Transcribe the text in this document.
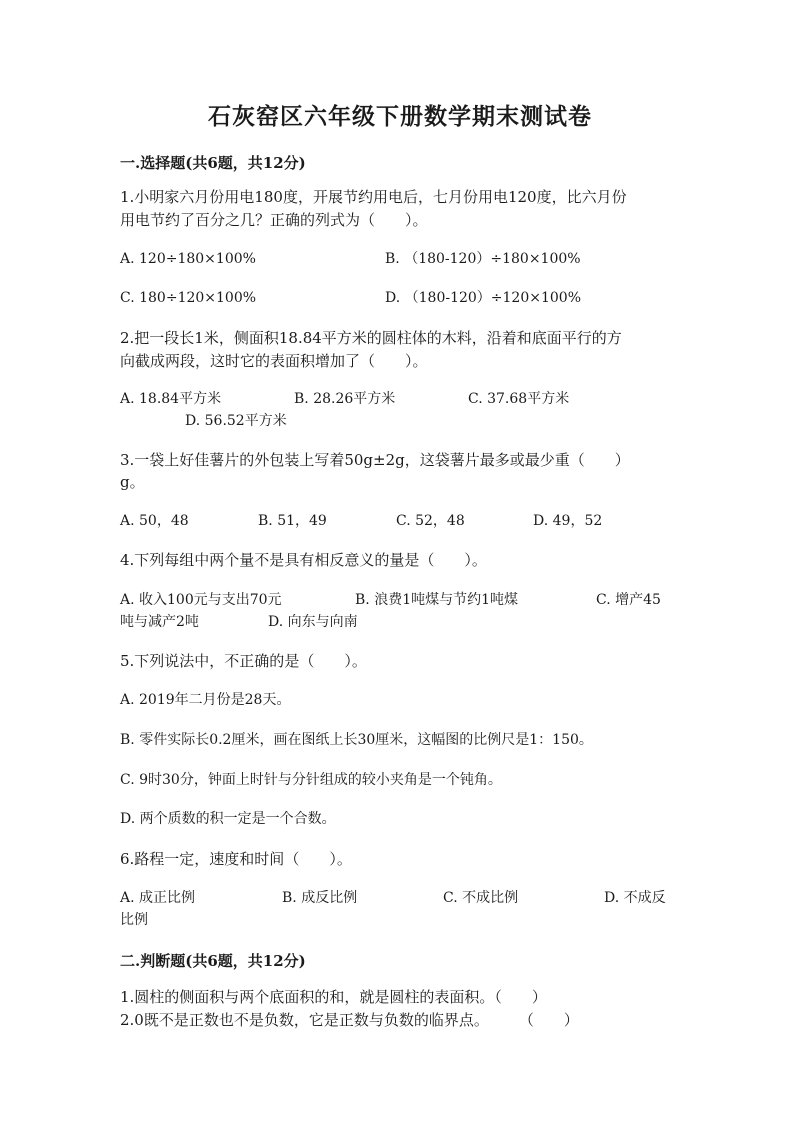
石灰窑区六年级下册数学期末测试卷
一.选择题(共6题，共12分)
1.小明家六月份用电180度，开展节约用电后，七月份用电120度，比六月份
用电节约了百分之几？正确的列式为（　　）。
A. 120÷180×100%	B. （180-120）÷180×100%
C. 180÷120×100%	D. （180-120）÷120×100%
2.把一段长1米，侧面积18.84平方米的圆柱体的木料，沿着和底面平行的方
向截成两段，这时它的表面积增加了（　　）。
A. 18.84平方米	B. 28.26平方米	C. 37.68平方米
D. 56.52平方米
3.一袋上好佳薯片的外包装上写着50g±2g，这袋薯片最多或最少重（　　）
g。
A. 50，48	B. 51，49	C. 52，48	D. 49，52
4.下列每组中两个量不是具有相反意义的量是（　　）。
A. 收入100元与支出70元	B. 浪费1吨煤与节约1吨煤	C. 增产45
吨与减产2吨	D. 向东与向南
5.下列说法中，不正确的是（　　）。
A. 2019年二月份是28天。
B. 零件实际长0.2厘米，画在图纸上长30厘米，这幅图的比例尺是1：150。
C. 9时30分，钟面上时针与分针组成的较小夹角是一个钝角。
D. 两个质数的积一定是一个合数。
6.路程一定，速度和时间（　　）。
A. 成正比例	B. 成反比例	C. 不成比例	D. 不成反
比例
二.判断题(共6题，共12分)
1.圆柱的侧面积与两个底面积的和，就是圆柱的表面积。（　　）
2.0既不是正数也不是负数，它是正数与负数的临界点。　　　（　　）
